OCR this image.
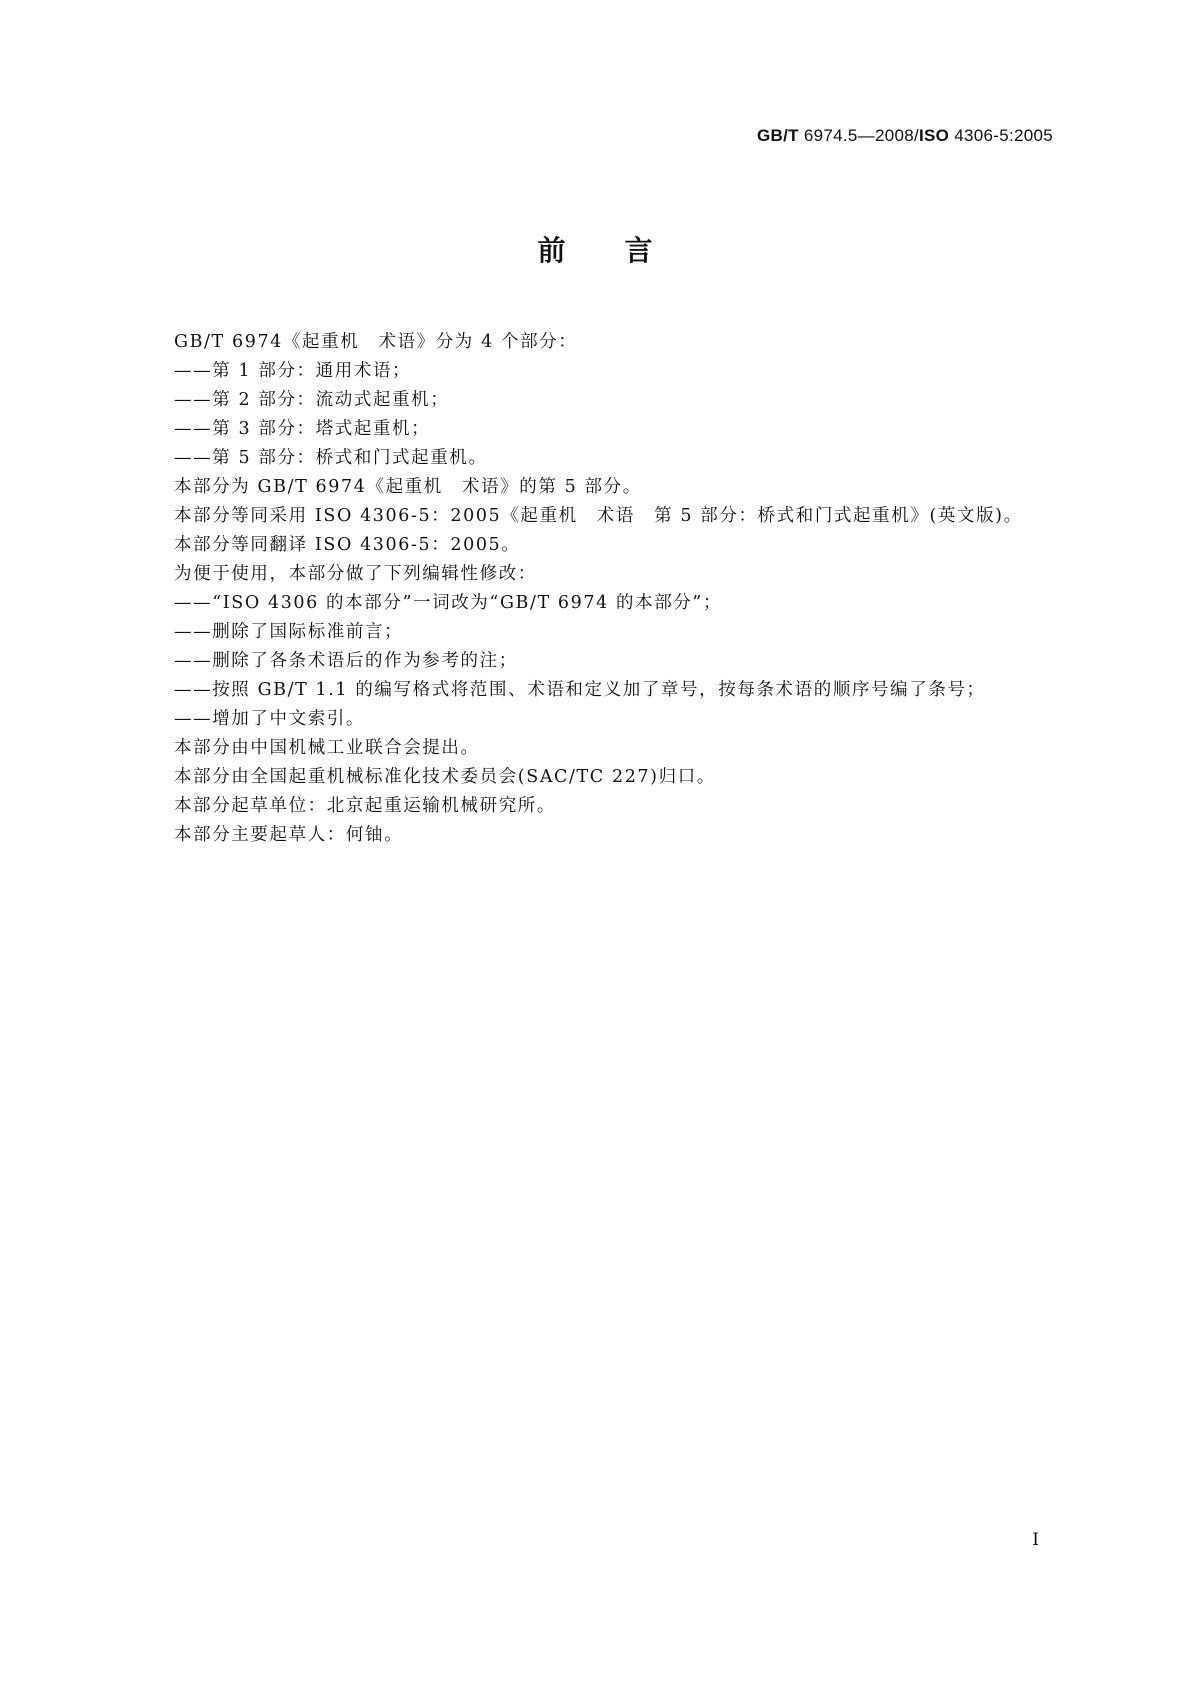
GB/T 6974.5—2008/ISO 4306-5:2005
前　　言
GB/T 6974《起重机　术语》分为 4 个部分：
——第 1 部分：通用术语；
——第 2 部分：流动式起重机；
——第 3 部分：塔式起重机；
——第 5 部分：桥式和门式起重机。
本部分为 GB/T 6974《起重机　术语》的第 5 部分。
本部分等同采用 ISO 4306-5：2005《起重机　术语　第 5 部分：桥式和门式起重机》(英文版)。
本部分等同翻译 ISO 4306-5：2005。
为便于使用，本部分做了下列编辑性修改：
——“ISO 4306 的本部分”一词改为“GB/T 6974 的本部分”；
——删除了国际标准前言；
——删除了各条术语后的作为参考的注；
——按照 GB/T 1.1 的编写格式将范围、术语和定义加了章号，按每条术语的顺序号编了条号；
——增加了中文索引。
本部分由中国机械工业联合会提出。
本部分由全国起重机械标准化技术委员会(SAC/TC 227)归口。
本部分起草单位：北京起重运输机械研究所。
本部分主要起草人：何铀。
I
